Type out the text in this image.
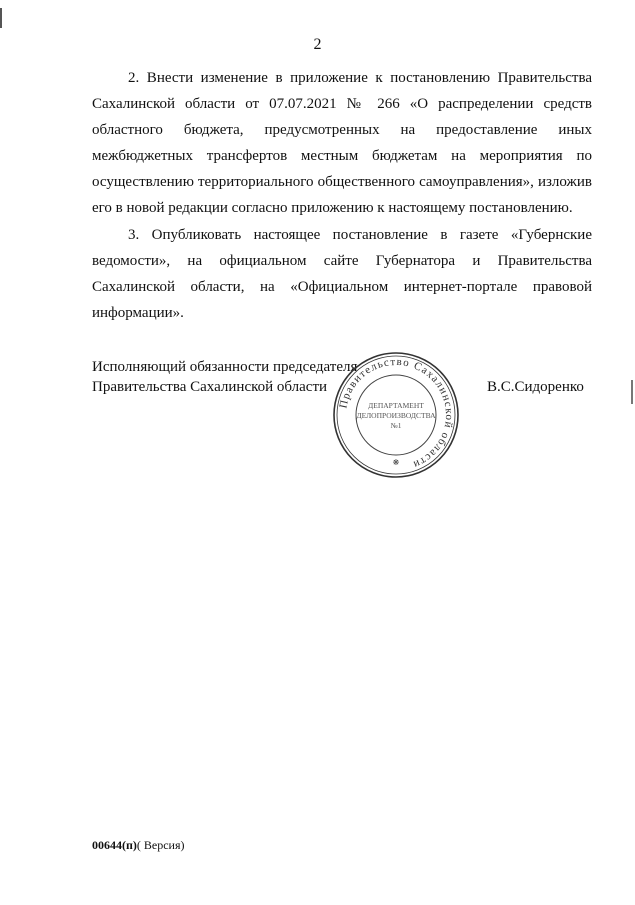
2

2. Внести изменение в приложение к постановлению Правительства Сахалинской области от 07.07.2021 № 266 «О распределении средств областного бюджета, предусмотренных на предоставление иных межбюджетных трансфертов местным бюджетам на мероприятия по осуществлению территориального общественного самоуправления», изложив его в новой редакции согласно приложению к настоящему постановлению.

3. Опубликовать настоящее постановление в газете «Губернские ведомости», на официальном сайте Губернатора и Правительства Сахалинской области, на «Официальном интернет-портале правовой информации».

Исполняющий обязанности председателя
Правительства Сахалинской области
Правительство Сахалинской области
ДЕПАРТАМЕНТ
ДЕЛОПРОИЗВОДСТВА
№1
❋
В.С.Сидоренко
00644(п)( Версия)
